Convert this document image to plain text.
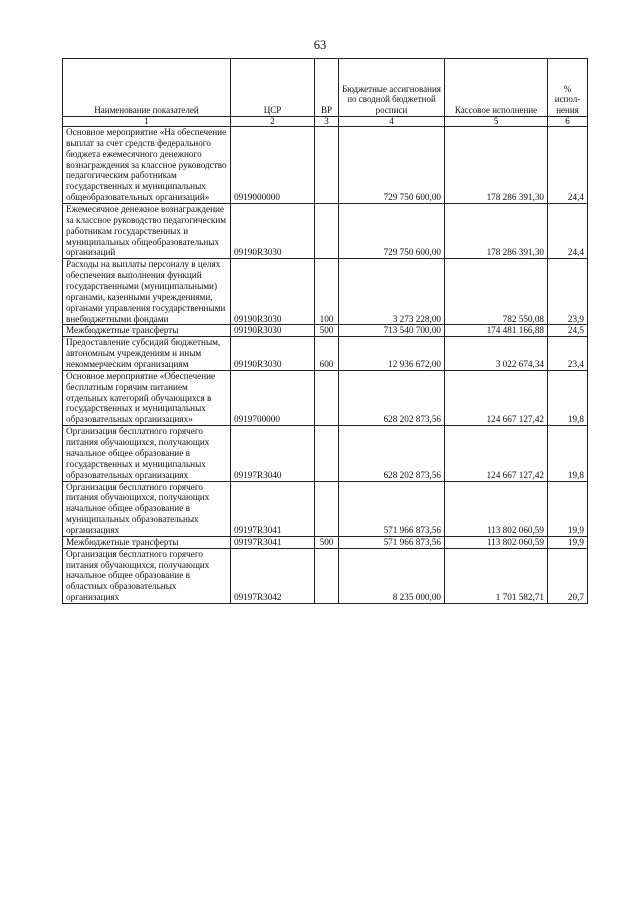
63
Наименование показателей	ЦСР	ВР	Бюджетные ассигнования по сводной бюджетной росписи	Кассовое исполнение	% испол-нения
1	2	3	4	5	6
Основное мероприятие «На обеспечение выплат за счет средств федерального бюджета ежемесячного денежного вознаграждения за классное руководство педагогическим работникам государственных и муниципальных общеобразовательных организаций»	0919000000		729 750 600,00	178 286 391,30	24,4
Ежемесячное денежное вознаграждение за классное руководство педагогическим работникам государственных и муниципальных общеобразовательных организаций	09190R3030		729 750 600,00	178 286 391,30	24,4
Расходы на выплаты персоналу в целях обеспечения выполнения функций государственными (муниципальными) органами, казенными учреждениями, органами управления государственными внебюджетными фондами	09190R3030	100	3 273 228,00	782 550,08	23,9
Межбюджетные трансферты	09190R3030	500	713 540 700,00	174 481 166,88	24,5
Предоставление субсидий бюджетным, автономным учреждениям и иным некоммерческим организациям	09190R3030	600	12 936 672,00	3 022 674,34	23,4
Основное мероприятие «Обеспечение бесплатным горячим питанием отдельных категорий обучающихся в государственных и муниципальных образовательных организациях»	0919700000		628 202 873,56	124 667 127,42	19,8
Организация бесплатного горячего питания обучающихся, получающих начальное общее образование в государственных и муниципальных образовательных организациях	09197R3040		628 202 873,56	124 667 127,42	19,8
Организация бесплатного горячего питания обучающихся, получающих начальное общее образование в муниципальных образовательных организациях	09197R3041		571 966 873,56	113 802 060,59	19,9
Межбюджетные трансферты	09197R3041	500	571 966 873,56	113 802 060,59	19,9
Организация бесплатного горячего питания обучающихся, получающих начальное общее образование в областных образовательных организациях	09197R3042		8 235 000,00	1 701 582,71	20,7
